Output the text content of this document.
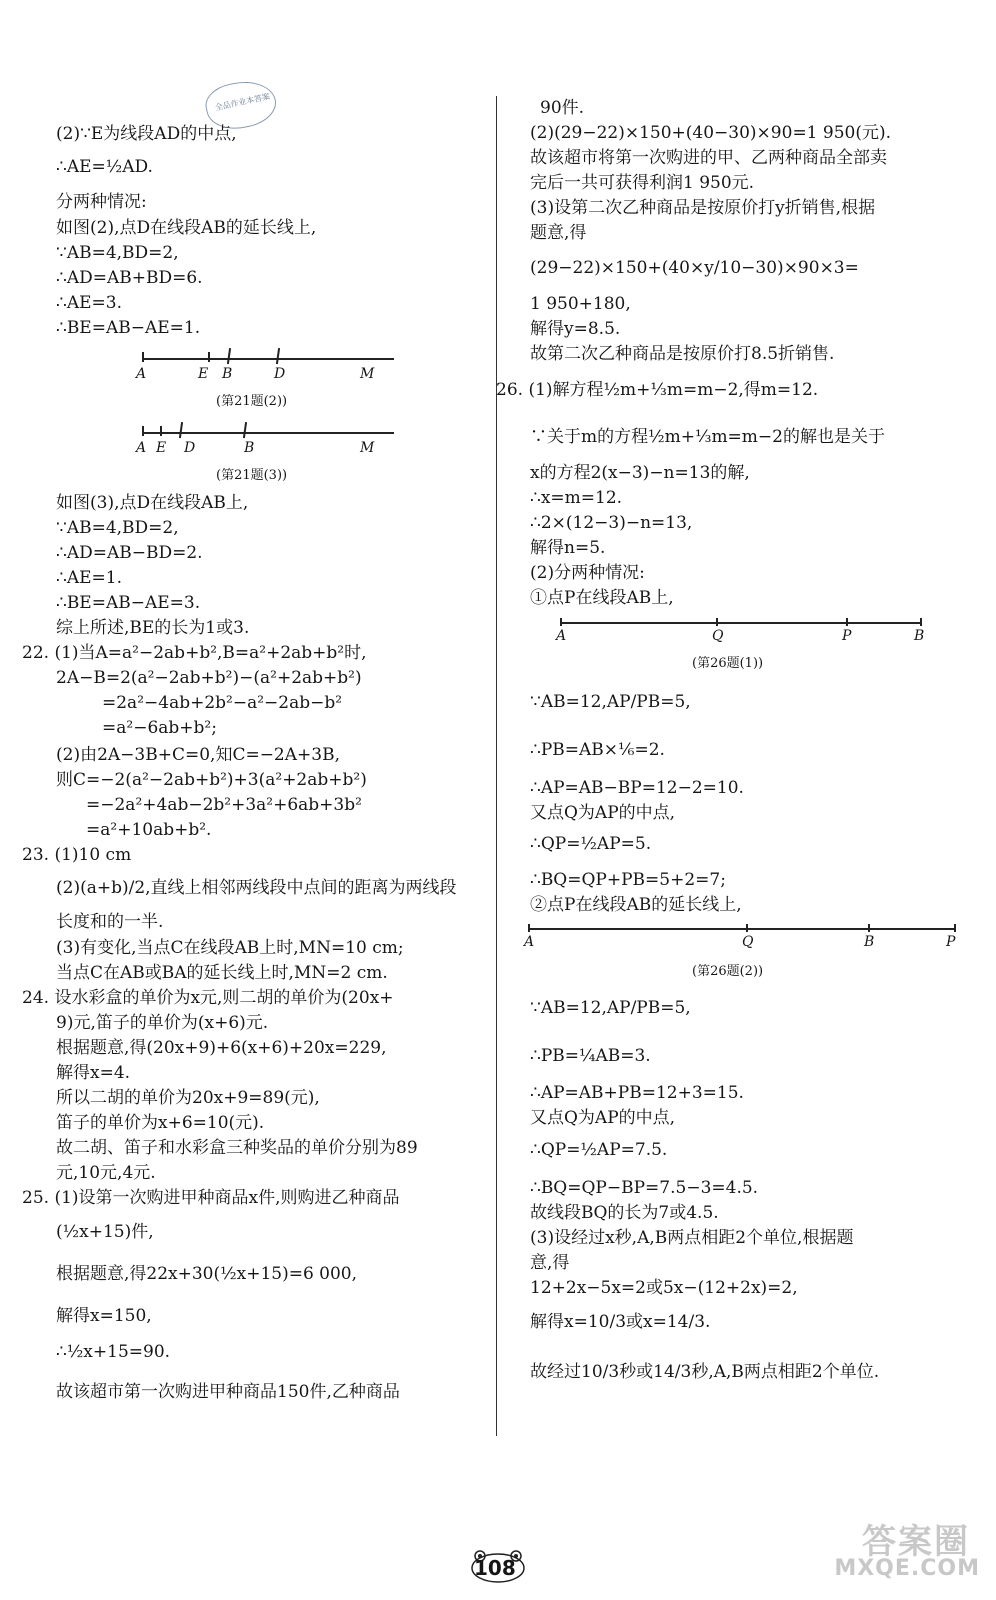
全品作业本答案
(2)∵E为线段AD的中点,
∴AE=½AD.
分两种情况:
如图(2),点D在线段AB的延长线上,
∵AB=4,BD=2,
∴AD=AB+BD=6.
∴AE=3.
∴BE=AB−AE=1.
如图(3),点D在线段AB上,
∵AB=4,BD=2,
∴AD=AB−BD=2.
∴AE=1.
∴BE=AB−AE=3.
综上所述,BE的长为1或3.
22. (1)当A=a²−2ab+b²,B=a²+2ab+b²时,
2A−B=2(a²−2ab+b²)−(a²+2ab+b²)
=2a²−4ab+2b²−a²−2ab−b²
=a²−6ab+b²;
(2)由2A−3B+C=0,知C=−2A+3B,
则C=−2(a²−2ab+b²)+3(a²+2ab+b²)
=−2a²+4ab−2b²+3a²+6ab+3b²
=a²+10ab+b².
23. (1)10 cm
(2)(a+b)/2,直线上相邻两线段中点间的距离为两线段
长度和的一半.
(3)有变化,当点C在线段AB上时,MN=10 cm;
当点C在AB或BA的延长线上时,MN=2 cm.
24. 设水彩盒的单价为x元,则二胡的单价为(20x+
9)元,笛子的单价为(x+6)元.
根据题意,得(20x+9)+6(x+6)+20x=229,
解得x=4.
所以二胡的单价为20x+9=89(元),
笛子的单价为x+6=10(元).
故二胡、笛子和水彩盒三种奖品的单价分别为89
元,10元,4元.
25. (1)设第一次购进甲种商品x件,则购进乙种商品
(½x+15)件,
根据题意,得22x+30(½x+15)=6 000,
解得x=150,
∴½x+15=90.
故该超市第一次购进甲种商品150件,乙种商品
90件.
(2)(29−22)×150+(40−30)×90=1 950(元).
故该超市将第一次购进的甲、乙两种商品全部卖
完后一共可获得利润1 950元.
(3)设第二次乙种商品是按原价打y折销售,根据
题意,得
(29−22)×150+(40×y/10−30)×90×3=
1 950+180,
解得y=8.5.
故第二次乙种商品是按原价打8.5折销售.
26. (1)解方程½m+⅓m=m−2,得m=12.
∵关于m的方程½m+⅓m=m−2的解也是关于
x的方程2(x−3)−n=13的解,
∴x=m=12.
∴2×(12−3)−n=13,
解得n=5.
(2)分两种情况:
①点P在线段AB上,
∵AB=12,AP/PB=5,
∴PB=AB×⅙=2.
∴AP=AB−BP=12−2=10.
又点Q为AP的中点,
∴QP=½AP=5.
∴BQ=QP+PB=5+2=7;
②点P在线段AB的延长线上,
∵AB=12,AP/PB=5,
∴PB=¼AB=3.
∴AP=AB+PB=12+3=15.
又点Q为AP的中点,
∴QP=½AP=7.5.
∴BQ=QP−BP=7.5−3=4.5.
故线段BQ的长为7或4.5.
(3)设经过x秒,A,B两点相距2个单位,根据题
意,得
12+2x−5x=2或5x−(12+2x)=2,
解得x=10/3或x=14/3.
故经过10/3秒或14/3秒,A,B两点相距2个单位.
A	E B	D	M
(第21题(2))
A E D	B	M
(第21题(3))
A	Q	P	B
(第26题(1))
A	Q	B	P
(第26题(2))
108
答案圈
MXQE.COM
